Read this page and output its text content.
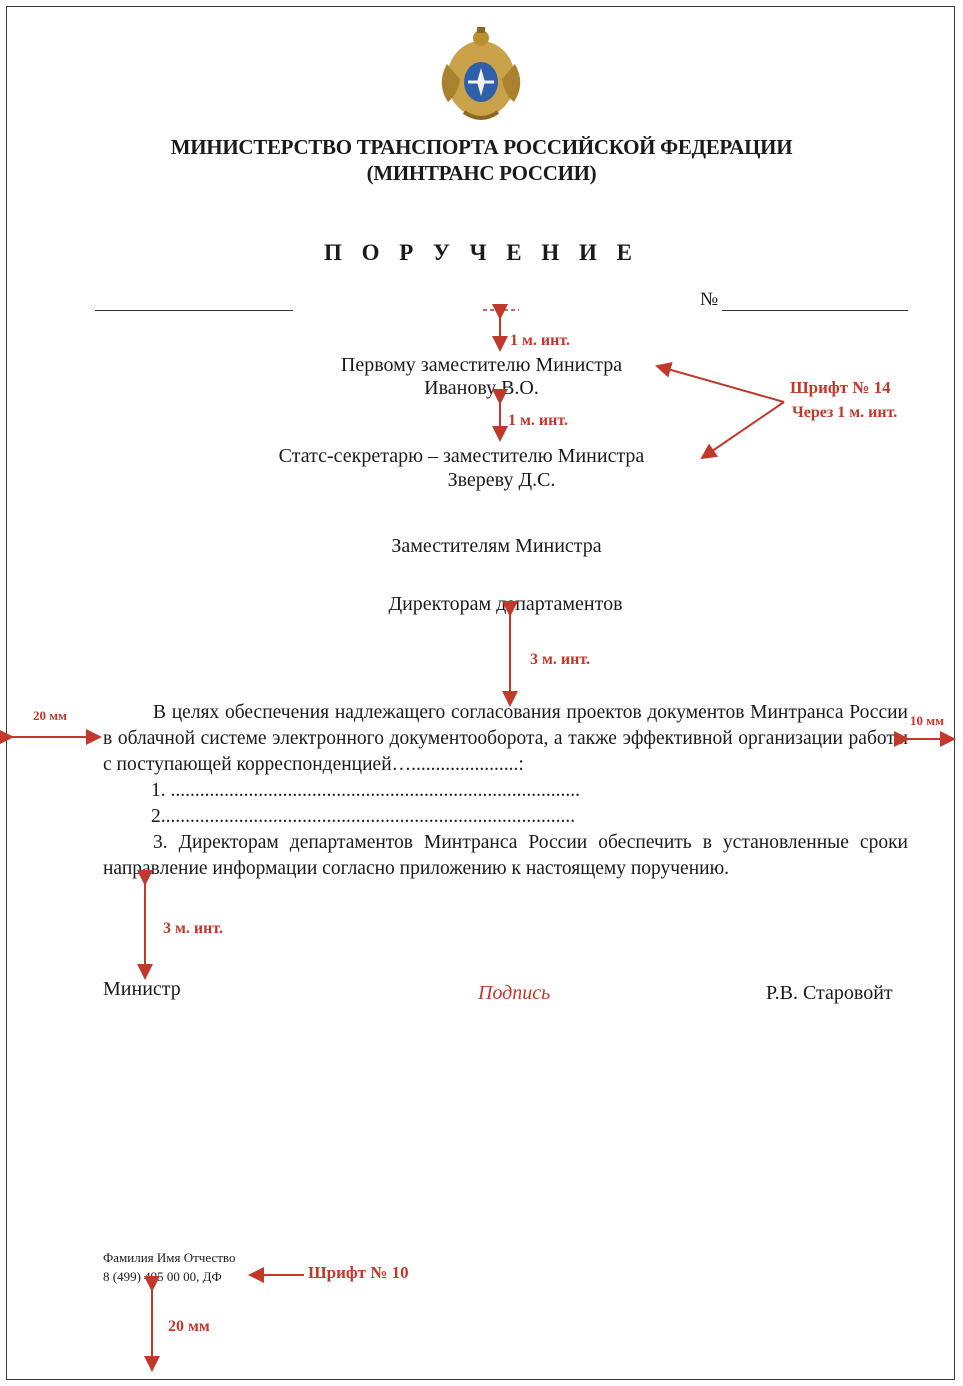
МИНИСТЕРСТВО ТРАНСПОРТА РОССИЙСКОЙ ФЕДЕРАЦИИ
(МИНТРАНС РОССИИ)
П О Р У Ч Е Н И Е
№
Первому заместителю Министра
Иванову В.О.
Статс-секретарю – заместителю Министра
Звереву Д.С.
Заместителям Министра
Директорам департаментов

В целях обеспечения надлежащего согласования проектов документов Минтранса России в облачной системе электронного документооборота, а также эффективной организации работы с поступающей корреспонденцией…......................:

1. ....................................................................................

2.....................................................................................

3. Директорам департаментов Минтранса России обеспечить в установленные сроки направление информации согласно приложению к настоящему поручению.

Министр	Подпись	Р.В. Старовойт
Фамилия Имя Отчество
8 (499) 495 00 00, ДФ
1 м. инт.
1 м. инт.
Шрифт № 14
Через 1 м. инт.
3 м. инт.
20 мм	10 мм
3 м. инт.
Шрифт № 10
20 мм
